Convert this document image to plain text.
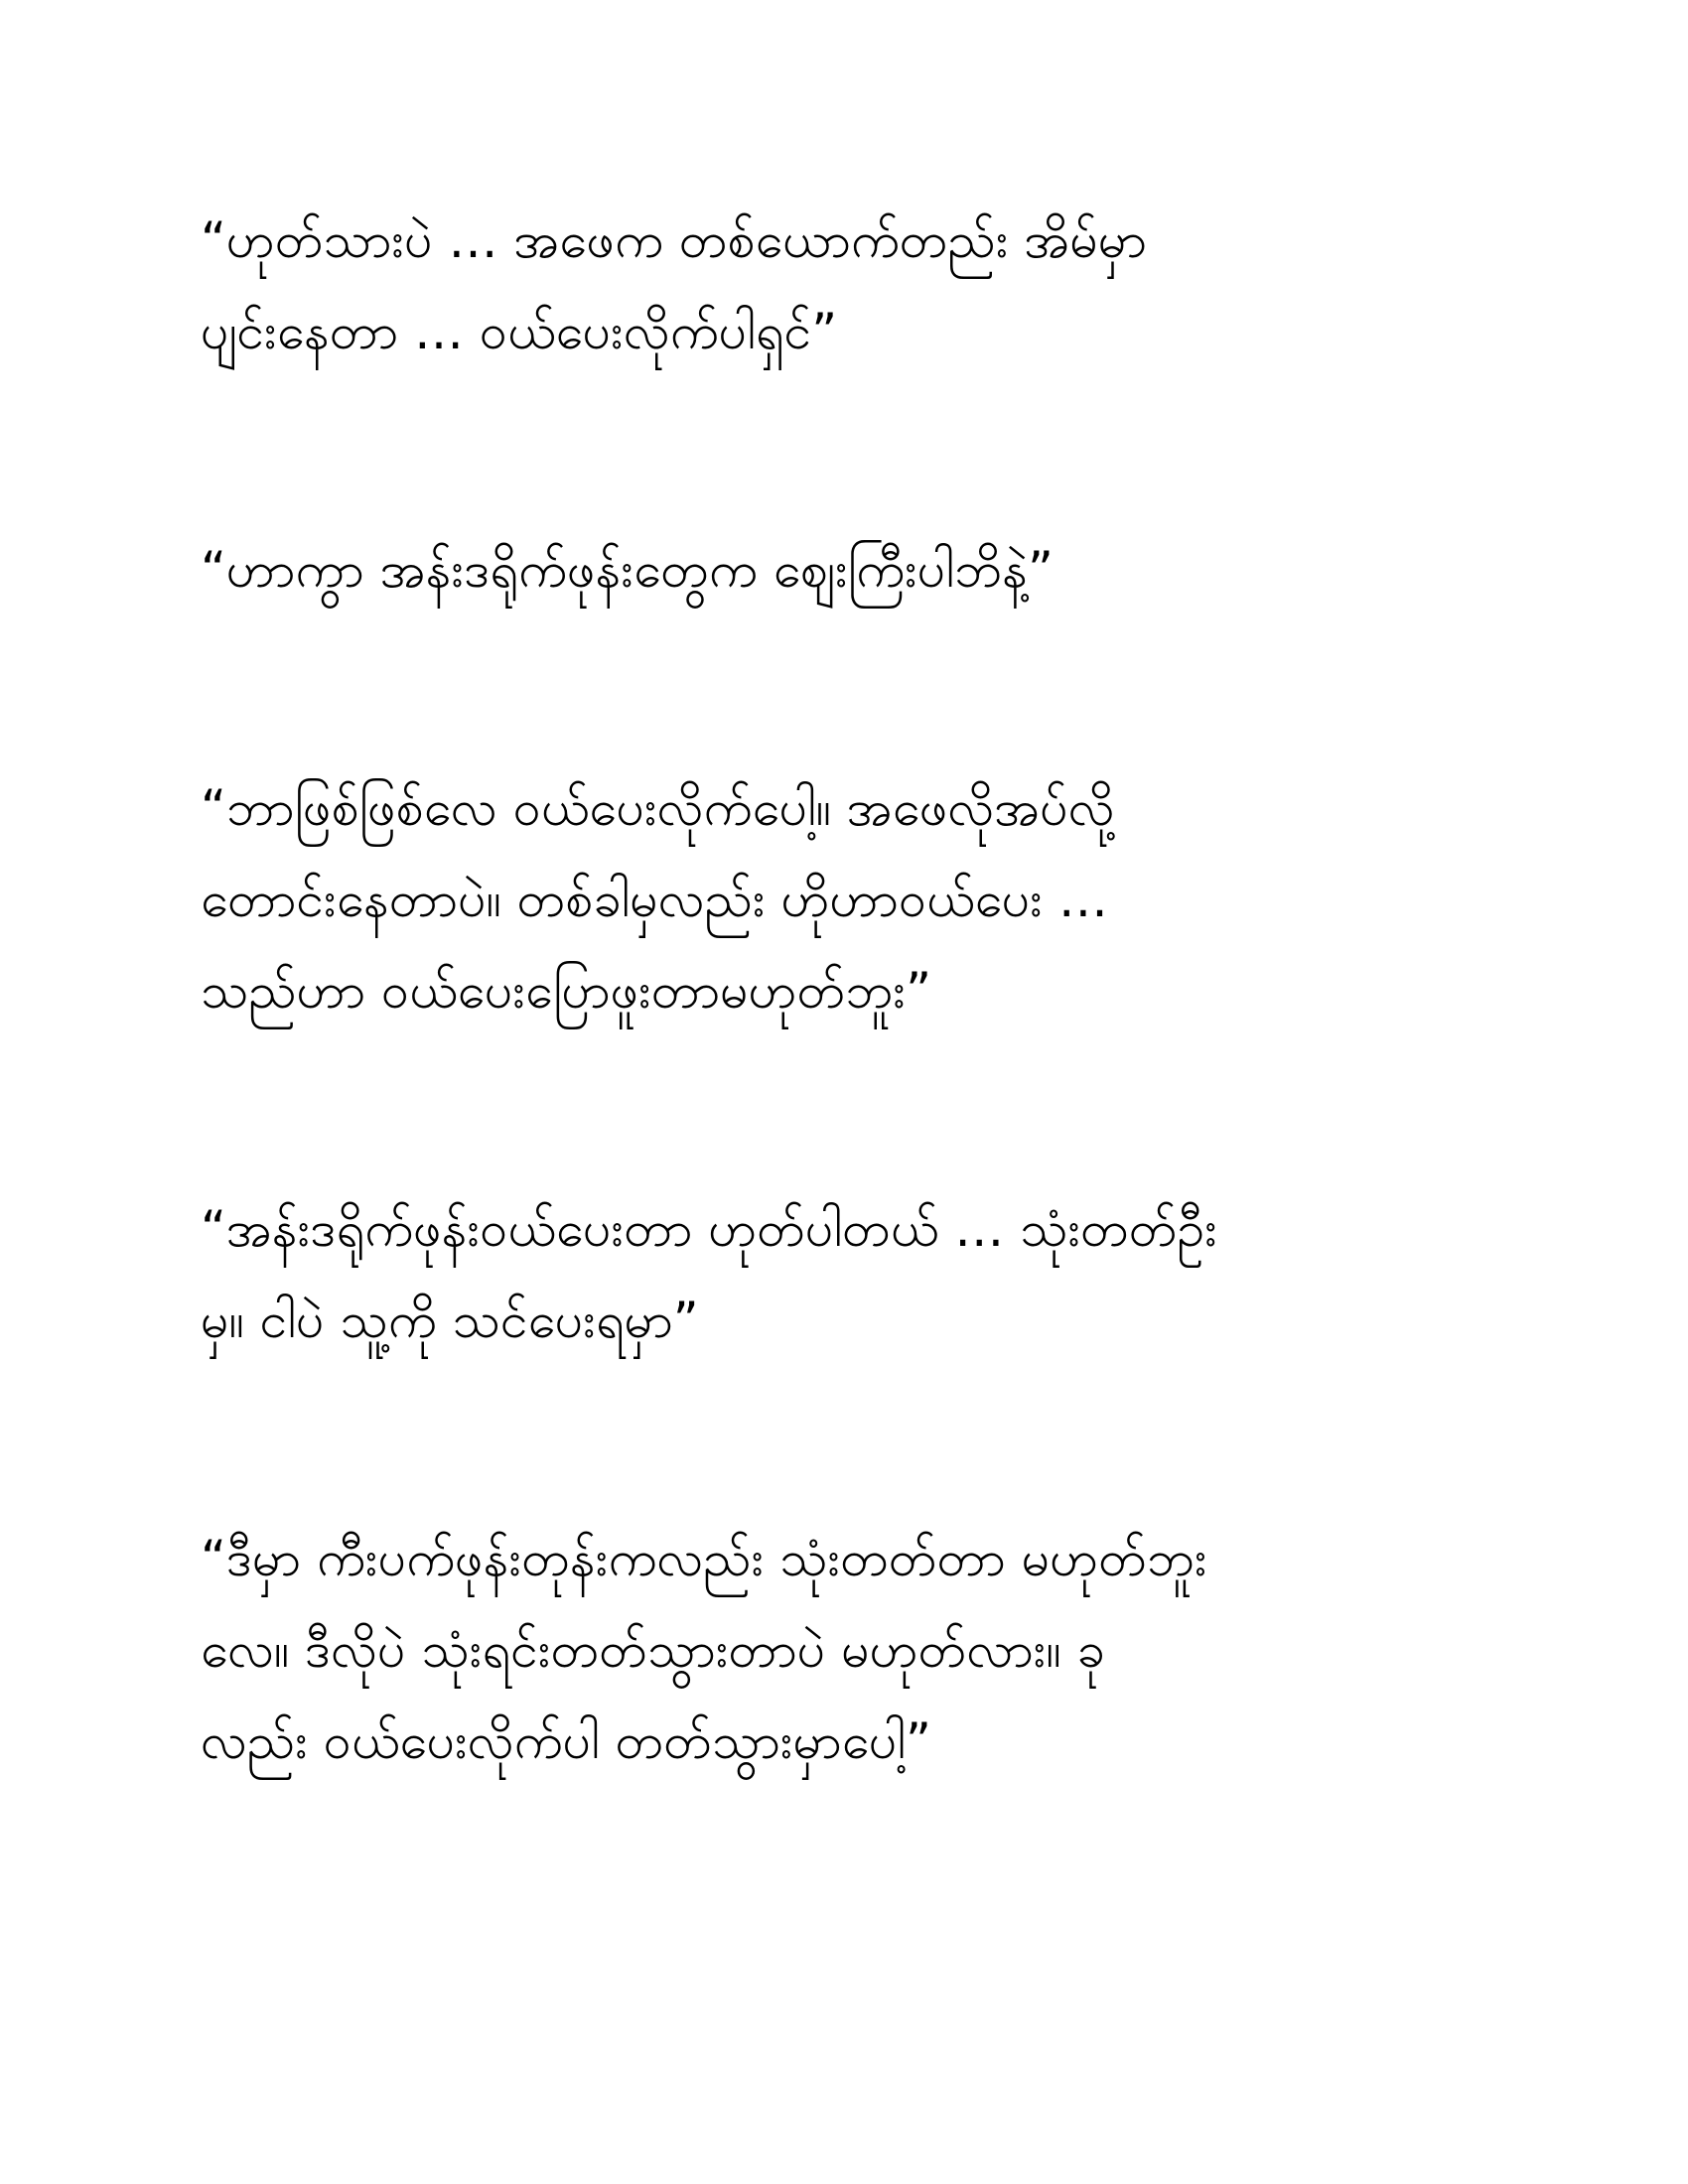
“ဟုတ်သားပဲ … အဖေက တစ်ယောက်တည်း အိမ်မှာ
ပျင်းနေတာ … ဝယ်ပေးလိုက်ပါရှင်”
“ဟာကွာ အန်းဒရိုက်ဖုန်းတွေက ဈေးကြီးပါဘိနဲ့”
“ဘာဖြစ်ဖြစ်လေ ဝယ်ပေးလိုက်ပေါ့။ အဖေလိုအပ်လို့
တောင်းနေတာပဲ။ တစ်ခါမှလည်း ဟိုဟာဝယ်ပေး …
သည်ဟာ ဝယ်ပေးပြောဖူးတာမဟုတ်ဘူး”
“အန်းဒရိုက်ဖုန်းဝယ်ပေးတာ ဟုတ်ပါတယ် … သုံးတတ်ဦး
မှ။ ငါပဲ သူ့ကို သင်ပေးရမှာ”
“ဒီမှာ ကီးပက်ဖုန်းတုန်းကလည်း သုံးတတ်တာ မဟုတ်ဘူး
လေ။ ဒီလိုပဲ သုံးရင်းတတ်သွားတာပဲ မဟုတ်လား။ ခု
လည်း ဝယ်ပေးလိုက်ပါ တတ်သွားမှာပေါ့”
